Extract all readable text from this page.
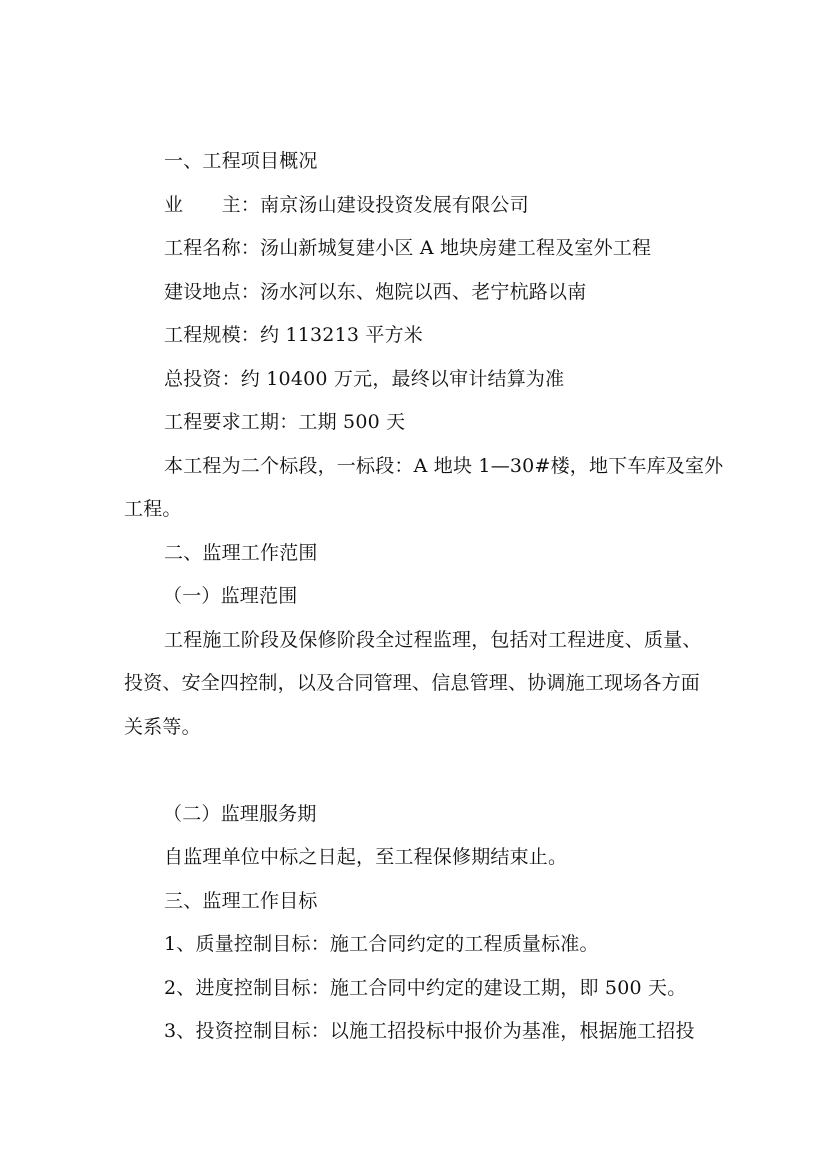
一、工程项目概况
业　　主：南京汤山建设投资发展有限公司
工程名称：汤山新城复建小区 A 地块房建工程及室外工程
建设地点：汤水河以东、炮院以西、老宁杭路以南
工程规模：约 113213 平方米
总投资：约 10400 万元，最终以审计结算为准
工程要求工期：工期 500 天
本工程为二个标段，一标段：A 地块 1—30#楼，地下车库及室外
工程。
二、监理工作范围
（一）监理范围
工程施工阶段及保修阶段全过程监理，包括对工程进度、质量、
投资、安全四控制，以及合同管理、信息管理、协调施工现场各方面
关系等。
（二）监理服务期
自监理单位中标之日起，至工程保修期结束止。
三、监理工作目标
1、质量控制目标：施工合同约定的工程质量标准。
2、进度控制目标：施工合同中约定的建设工期，即 500 天。
3、投资控制目标：以施工招投标中报价为基准，根据施工招投
